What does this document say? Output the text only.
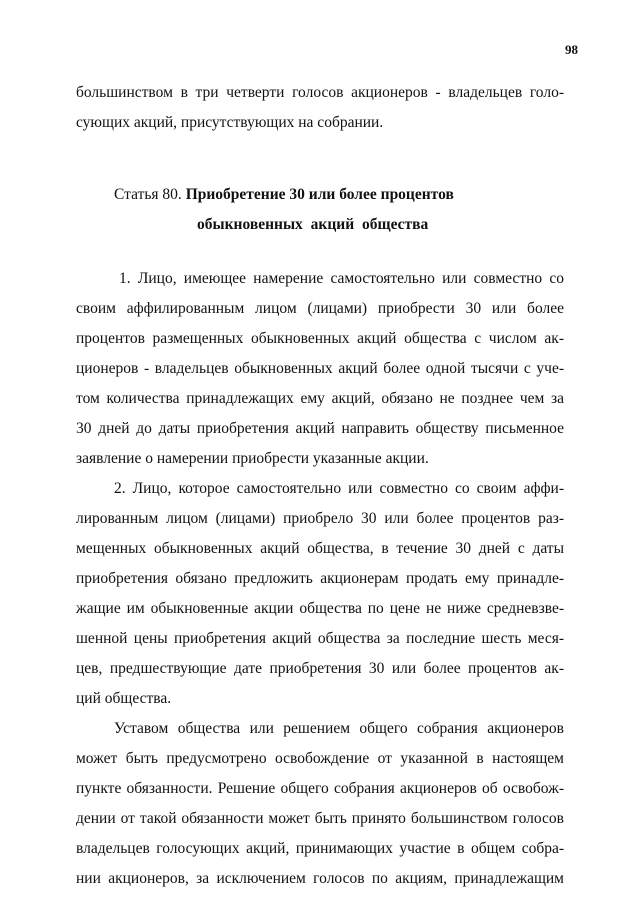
98
большинством в три четверти голосов акционеров - владельцев голо-
сующих акций, присутствующих на собрании.
Статья 80. Приобретение 30 или более процентов
обыкновенных акций общества
1. Лицо, имеющее намерение самостоятельно или совместно со
своим аффилированным лицом (лицами) приобрести 30 или более
процентов размещенных обыкновенных акций общества с числом ак-
ционеров - владельцев обыкновенных акций более одной тысячи с уче-
том количества принадлежащих ему акций, обязано не позднее чем за
30 дней до даты приобретения акций направить обществу письменное
заявление о намерении приобрести указанные акции.
2. Лицо, которое самостоятельно или совместно со своим аффи-
лированным лицом (лицами) приобрело 30 или более процентов раз-
мещенных обыкновенных акций общества, в течение 30 дней с даты
приобретения обязано предложить акционерам продать ему принадле-
жащие им обыкновенные акции общества по цене не ниже средневзве-
шенной цены приобретения акций общества за последние шесть меся-
цев, предшествующие дате приобретения 30 или более процентов ак-
ций общества.
Уставом общества или решением общего собрания акционеров
может быть предусмотрено освобождение от указанной в настоящем
пункте обязанности. Решение общего собрания акционеров об освобож-
дении от такой обязанности может быть принято большинством голосов
владельцев голосующих акций, принимающих участие в общем собра-
нии акционеров, за исключением голосов по акциям, принадлежащим
